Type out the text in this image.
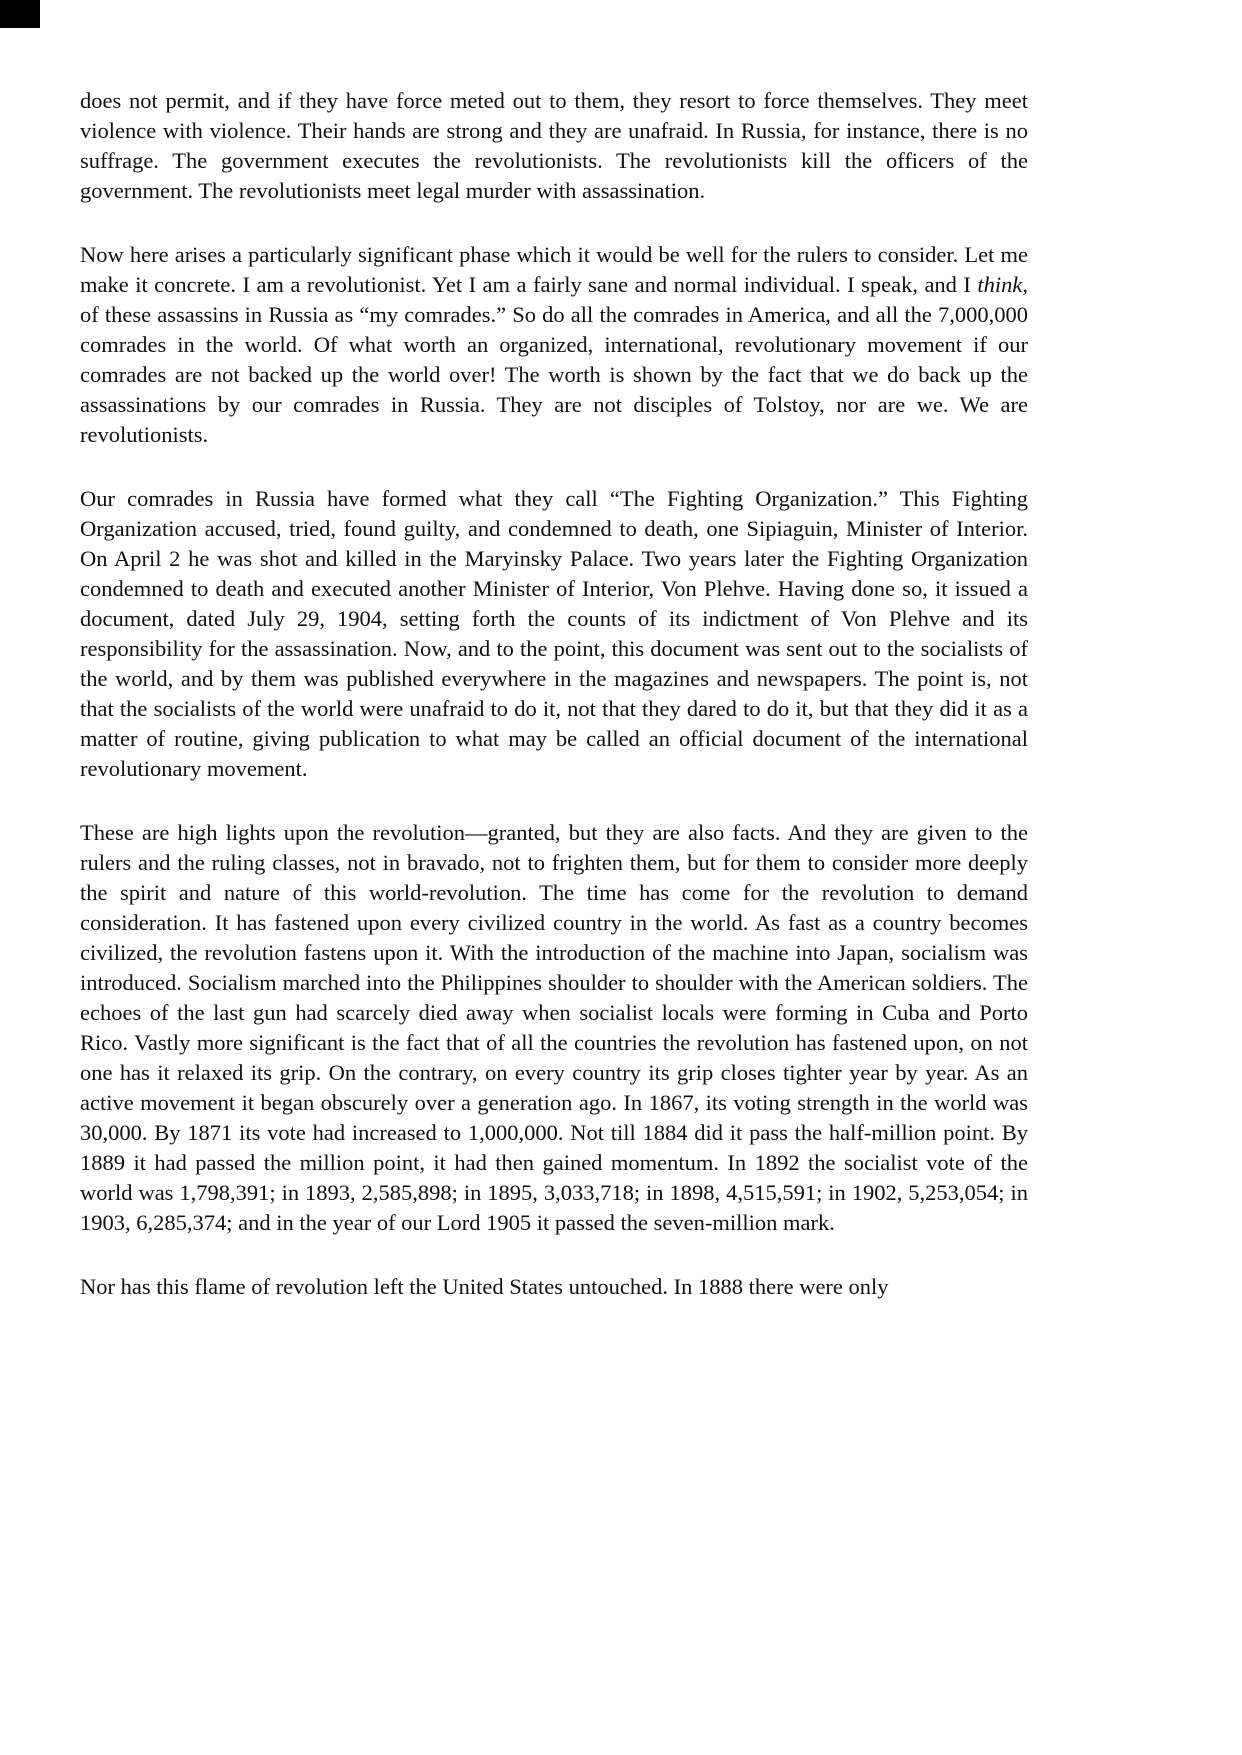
does not permit, and if they have force meted out to them, they resort to force themselves. They meet violence with violence. Their hands are strong and they are unafraid. In Russia, for instance, there is no suffrage. The government executes the revolutionists. The revolutionists kill the officers of the government. The revolutionists meet legal murder with assassination.

Now here arises a particularly significant phase which it would be well for the rulers to consider. Let me make it concrete. I am a revolutionist. Yet I am a fairly sane and normal individual. I speak, and I think, of these assassins in Russia as “my comrades.” So do all the comrades in America, and all the 7,000,000 comrades in the world. Of what worth an organized, international, revolutionary movement if our comrades are not backed up the world over! The worth is shown by the fact that we do back up the assassinations by our comrades in Russia. They are not disciples of Tolstoy, nor are we. We are revolutionists.

Our comrades in Russia have formed what they call “The Fighting Organization.” This Fighting Organization accused, tried, found guilty, and condemned to death, one Sipiaguin, Minister of Interior. On April 2 he was shot and killed in the Maryinsky Palace. Two years later the Fighting Organization condemned to death and executed another Minister of Interior, Von Plehve. Having done so, it issued a document, dated July 29, 1904, setting forth the counts of its indictment of Von Plehve and its responsibility for the assassination. Now, and to the point, this document was sent out to the socialists of the world, and by them was published everywhere in the magazines and newspapers. The point is, not that the socialists of the world were unafraid to do it, not that they dared to do it, but that they did it as a matter of routine, giving publication to what may be called an official document of the international revolutionary movement.

These are high lights upon the revolution—granted, but they are also facts. And they are given to the rulers and the ruling classes, not in bravado, not to frighten them, but for them to consider more deeply the spirit and nature of this world-revolution. The time has come for the revolution to demand consideration. It has fastened upon every civilized country in the world. As fast as a country becomes civilized, the revolution fastens upon it. With the introduction of the machine into Japan, socialism was introduced. Socialism marched into the Philippines shoulder to shoulder with the American soldiers. The echoes of the last gun had scarcely died away when socialist locals were forming in Cuba and Porto Rico. Vastly more significant is the fact that of all the countries the revolution has fastened upon, on not one has it relaxed its grip. On the contrary, on every country its grip closes tighter year by year. As an active movement it began obscurely over a generation ago. In 1867, its voting strength in the world was 30,000. By 1871 its vote had increased to 1,000,000. Not till 1884 did it pass the half-million point. By 1889 it had passed the million point, it had then gained momentum. In 1892 the socialist vote of the world was 1,798,391; in 1893, 2,585,898; in 1895, 3,033,718; in 1898, 4,515,591; in 1902, 5,253,054; in 1903, 6,285,374; and in the year of our Lord 1905 it passed the seven-million mark.

Nor has this flame of revolution left the United States untouched. In 1888 there were only
